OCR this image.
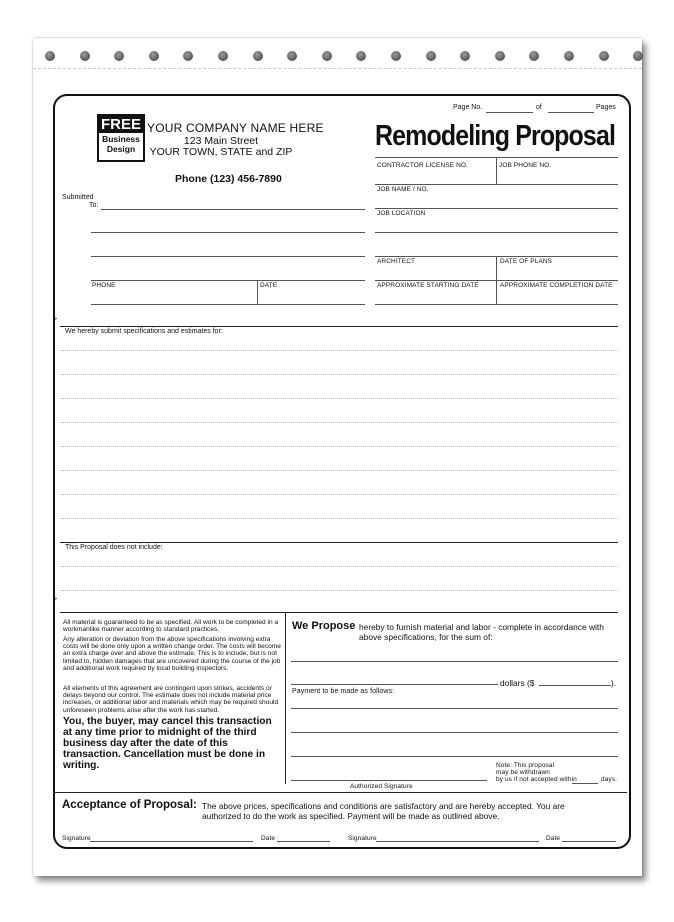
FREE
Business
Design
YOUR COMPANY NAME HERE
123 Main Street
YOUR TOWN, STATE and ZIP
Phone (123) 456-7890
Page No.	of	Pages
Remodeling Proposal
CONTRACTOR LICENSE NO.	JOB PHONE NO.
JOB NAME / NO.
JOB LOCATION
ARCHITECT	DATE OF PLANS
APPROXIMATE STARTING DATE	APPROXIMATE COMPLETION DATE
Submitted
To:
PHONE	DATE
>
We hereby submit specifications and estimates for:
This Proposal does not include:
>
All material is guaranteed to be as specified. All work to be completed in a workmanlike manner according to standard practices.
Any alteration or deviation from the above specifications involving extra costs will be done only upon a written change order. The costs will become an extra charge over and above the estimate. This is to include, but is not limited to, hidden damages that are uncovered during the course of the job and additional work required by local building inspectors.
All elements of this agreement are contingent upon strikes, accidents or delays beyond our control. The estimate does not include material price increases, or additional labor and materials which may be required should unforeseen problems arise after the work has started.
You, the buyer, may cancel this transaction at any time prior to midnight of the third business day after the date of this transaction. Cancellation must be done in writing.
We Propose hereby to furnish material and labor - complete in accordance with
above specifications, for the sum of:
dollars ($	).
Payment to be made as follows:
Authorized Signature
Note: This proposal
may be withdrawn
by us if not accepted within	days.
Acceptance of Proposal: The above prices, specifications and conditions are satisfactory and are hereby accepted. You are
authorized to do the work as specified. Payment will be made as outlined above.
Signature	Date	Signature	Date
